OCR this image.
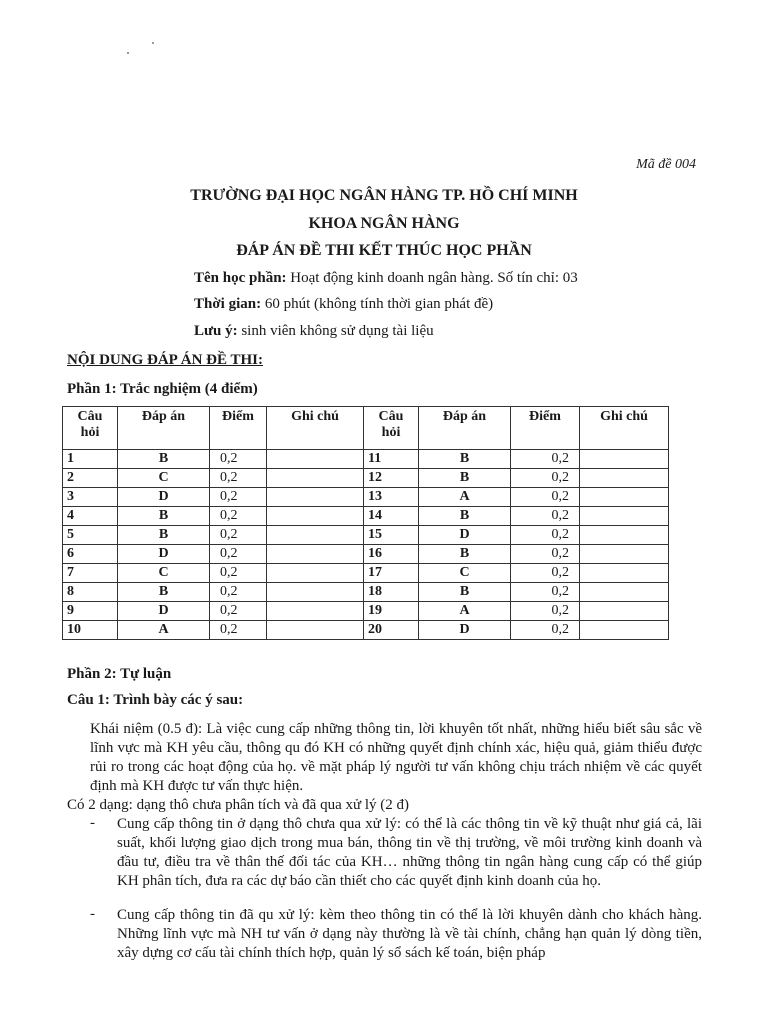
Mã đề 004
TRƯỜNG ĐẠI HỌC NGÂN HÀNG TP. HỒ CHÍ MINH
KHOA NGÂN HÀNG
ĐÁP ÁN ĐỀ THI KẾT THÚC HỌC PHẦN
Tên học phần: Hoạt động kinh doanh ngân hàng. Số tín chỉ: 03
Thời gian: 60 phút (không tính thời gian phát đề)
Lưu ý: sinh viên không sử dụng tài liệu
NỘI DUNG ĐÁP ÁN ĐỀ THI:
Phần 1: Trắc nghiệm (4 điểm)
Câu hỏi	Đáp án	Điểm	Ghi chú	Câu hỏi	Đáp án	Điểm	Ghi chú
1	B	0,2		11	B	0,2	
2	C	0,2		12	B	0,2	
3	D	0,2		13	A	0,2	
4	B	0,2		14	B	0,2	
5	B	0,2		15	D	0,2	
6	D	0,2		16	B	0,2	
7	C	0,2		17	C	0,2	
8	B	0,2		18	B	0,2	
9	D	0,2		19	A	0,2	
10	A	0,2		20	D	0,2	
Phần 2: Tự luận
Câu 1: Trình bày các ý sau:
Khái niệm (0.5 đ): Là việc cung cấp những thông tin, lời khuyên tốt nhất, những hiểu biết sâu sắc về lĩnh vực mà KH yêu cầu, thông qu đó KH có những quyết định chính xác, hiệu quả, giảm thiểu được rủi ro trong các hoạt động của họ. về mặt pháp lý người tư vấn không chịu trách nhiệm về các quyết định mà KH được tư vấn thực hiện.
Có 2 dạng: dạng thô chưa phân tích và đã qua xử lý (2 đ)
- Cung cấp thông tin ở dạng thô chưa qua xử lý: có thể là các thông tin về kỹ thuật như giá cả, lãi suất, khối lượng giao dịch trong mua bán, thông tin về thị trường, về môi trường kinh doanh và đầu tư, điều tra về thân thế đối tác của KH… những thông tin ngân hàng cung cấp có thể giúp KH phân tích, đưa ra các dự báo cần thiết cho các quyết định kinh doanh của họ.
- Cung cấp thông tin đã qu xử lý: kèm theo thông tin có thể là lời khuyên dành cho khách hàng. Những lĩnh vực mà NH tư vấn ở dạng này thường là về tài chính, chẳng hạn quản lý dòng tiền, xây dựng cơ cấu tài chính thích hợp, quản lý sổ sách kế toán, biện pháp
